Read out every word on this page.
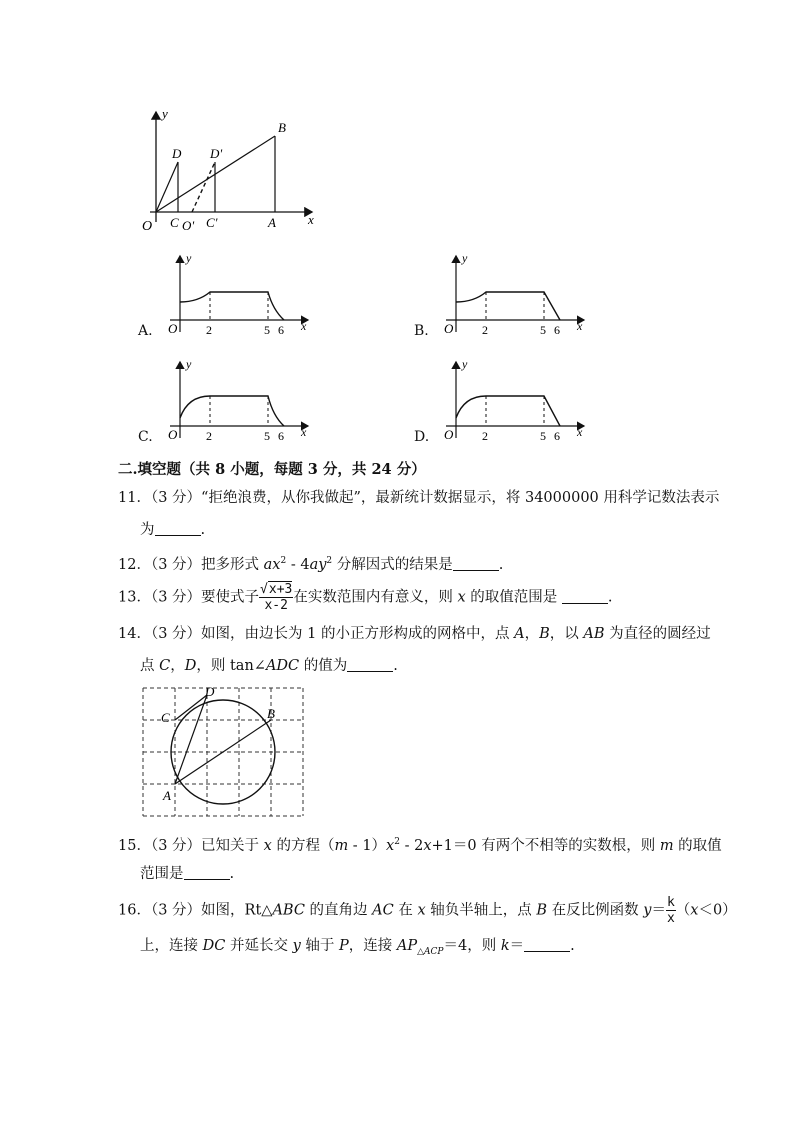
y
x
O C O' C'	A
D D'
B
A.
y
x
O 2	5 6	B.
y
x
O 2	5 6
C.
y
x
O 2	5 6	D.
y
x
O 2	5 6
二.填空题（共 8 小题，每题 3 分，共 24 分）
11．（3 分）“拒绝浪费，从你我做起”，最新统计数据显示，将 34000000 用科学记数法表示
为	.
12．（3 分）把多形式 $ax^2 - 4ay^2$ 分解因式的结果是	.
13．（3 分）要使式子 $\frac{√x+3}{x-2}$ 在实数范围内有意义，则 x 的取值范围是	.
14．（3 分）如图，由边长为 1 的小正方形构成的网格中，点 A，B，以 AB 为直径的圆经过
点 C，D，则 tan∠ADC 的值为	.
A
B
C
D
15．（3 分）已知关于 x 的方程$(m - 1)x^2 - 2x+1=0$ 有两个不相等的实数根，则 m 的取值
范围是	.
16．（3 分）如图，Rt△ABC 的直角边 AC 在 x 轴负半轴上，点 B 在反比例函数 $y= \frac{k}{x} (x<0)$
上，连接 DC 并延长交 y 轴于 P，连接 $AP_{\triangle ACP}=4$，则 k＝	.
